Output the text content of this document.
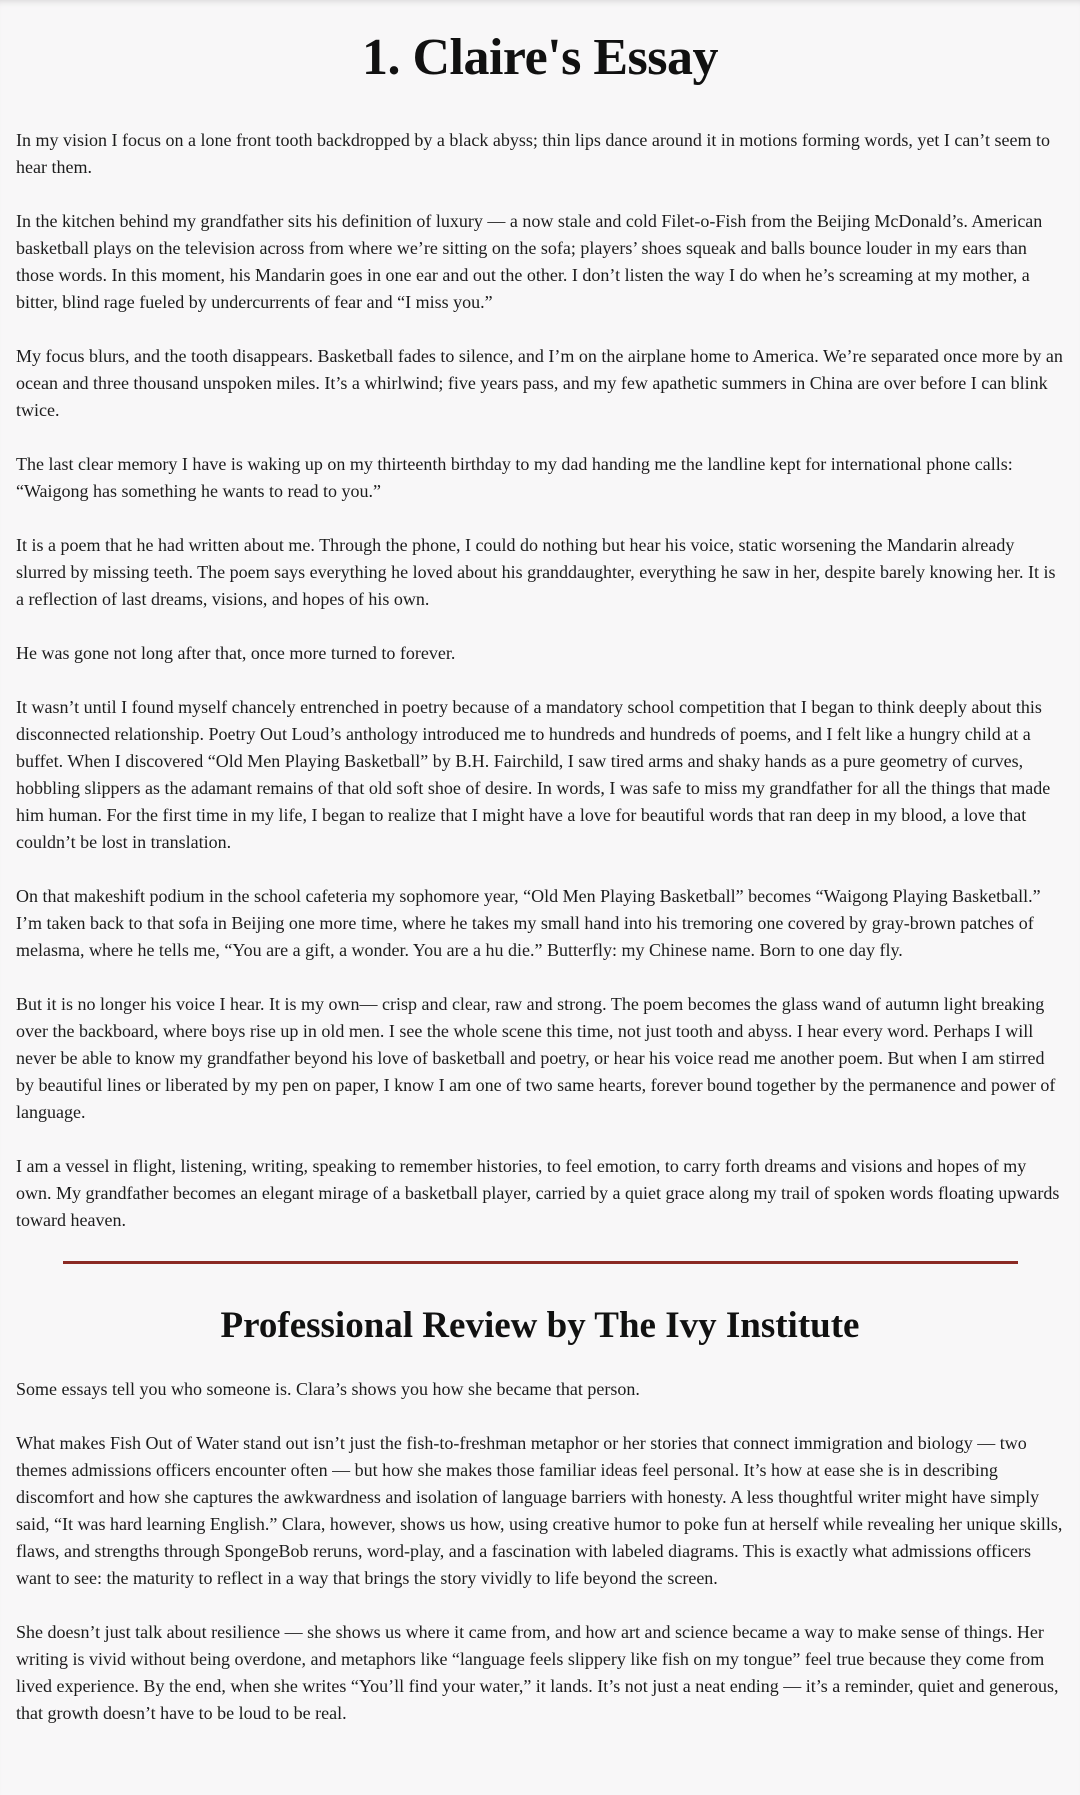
1. Claire's Essay

In my vision I focus on a lone front tooth backdropped by a black abyss; thin lips dance around it in motions forming words, yet I can’t seem to hear them.

In the kitchen behind my grandfather sits his definition of luxury — a now stale and cold Filet-o-Fish from the Beijing McDonald’s. American basketball plays on the television across from where we’re sitting on the sofa; players’ shoes squeak and balls bounce louder in my ears than those words. In this moment, his Mandarin goes in one ear and out the other. I don’t listen the way I do when he’s screaming at my mother, a bitter, blind rage fueled by undercurrents of fear and “I miss you.”

My focus blurs, and the tooth disappears. Basketball fades to silence, and I’m on the airplane home to America. We’re separated once more by an ocean and three thousand unspoken miles. It’s a whirlwind; five years pass, and my few apathetic summers in China are over before I can blink twice.

The last clear memory I have is waking up on my thirteenth birthday to my dad handing me the landline kept for international phone calls: “Waigong has something he wants to read to you.”

It is a poem that he had written about me. Through the phone, I could do nothing but hear his voice, static worsening the Mandarin already slurred by missing teeth. The poem says everything he loved about his granddaughter, everything he saw in her, despite barely knowing her. It is a reflection of last dreams, visions, and hopes of his own.

He was gone not long after that, once more turned to forever.

It wasn’t until I found myself chancely entrenched in poetry because of a mandatory school competition that I began to think deeply about this disconnected relationship. Poetry Out Loud’s anthology introduced me to hundreds and hundreds of poems, and I felt like a hungry child at a buffet. When I discovered “Old Men Playing Basketball” by B.H. Fairchild, I saw tired arms and shaky hands as a pure geometry of curves, hobbling slippers as the adamant remains of that old soft shoe of desire. In words, I was safe to miss my grandfather for all the things that made him human. For the first time in my life, I began to realize that I might have a love for beautiful words that ran deep in my blood, a love that couldn’t be lost in translation.

On that makeshift podium in the school cafeteria my sophomore year, “Old Men Playing Basketball” becomes “Waigong Playing Basketball.” I’m taken back to that sofa in Beijing one more time, where he takes my small hand into his tremoring one covered by gray-brown patches of melasma, where he tells me, “You are a gift, a wonder. You are a hu die.” Butterfly: my Chinese name. Born to one day fly.

But it is no longer his voice I hear. It is my own— crisp and clear, raw and strong. The poem becomes the glass wand of autumn light breaking over the backboard, where boys rise up in old men. I see the whole scene this time, not just tooth and abyss. I hear every word. Perhaps I will never be able to know my grandfather beyond his love of basketball and poetry, or hear his voice read me another poem. But when I am stirred by beautiful lines or liberated by my pen on paper, I know I am one of two same hearts, forever bound together by the permanence and power of language.

I am a vessel in flight, listening, writing, speaking to remember histories, to feel emotion, to carry forth dreams and visions and hopes of my own. My grandfather becomes an elegant mirage of a basketball player, carried by a quiet grace along my trail of spoken words floating upwards toward heaven.

Professional Review by The Ivy Institute

Some essays tell you who someone is. Clara’s shows you how she became that person.

What makes Fish Out of Water stand out isn’t just the fish-to-freshman metaphor or her stories that connect immigration and biology — two themes admissions officers encounter often — but how she makes those familiar ideas feel personal. It’s how at ease she is in describing discomfort and how she captures the awkwardness and isolation of language barriers with honesty. A less thoughtful writer might have simply said, “It was hard learning English.” Clara, however, shows us how, using creative humor to poke fun at herself while revealing her unique skills, flaws, and strengths through SpongeBob reruns, word-play, and a fascination with labeled diagrams. This is exactly what admissions officers want to see: the maturity to reflect in a way that brings the story vividly to life beyond the screen.

She doesn’t just talk about resilience — she shows us where it came from, and how art and science became a way to make sense of things. Her writing is vivid without being overdone, and metaphors like “language feels slippery like fish on my tongue” feel true because they come from lived experience. By the end, when she writes “You’ll find your water,” it lands. It’s not just a neat ending — it’s a reminder, quiet and generous, that growth doesn’t have to be loud to be real.
